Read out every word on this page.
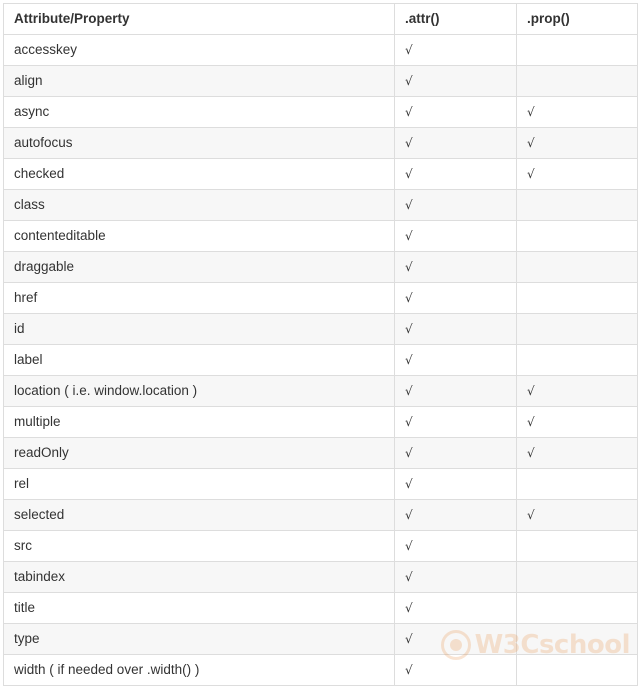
Attribute/Property	.attr()	.prop()
accesskey	√	
align	√	
async	√	√
autofocus	√	√
checked	√	√
class	√	
contenteditable	√	
draggable	√	
href	√	
id	√	
label	√	
location ( i.e. window.location )	√	√
multiple	√	√
readOnly	√	√
rel	√	
selected	√	√
src	√	
tabindex	√	
title	√	
type	√	
width ( if needed over .width() )	√	
W3Cschool
